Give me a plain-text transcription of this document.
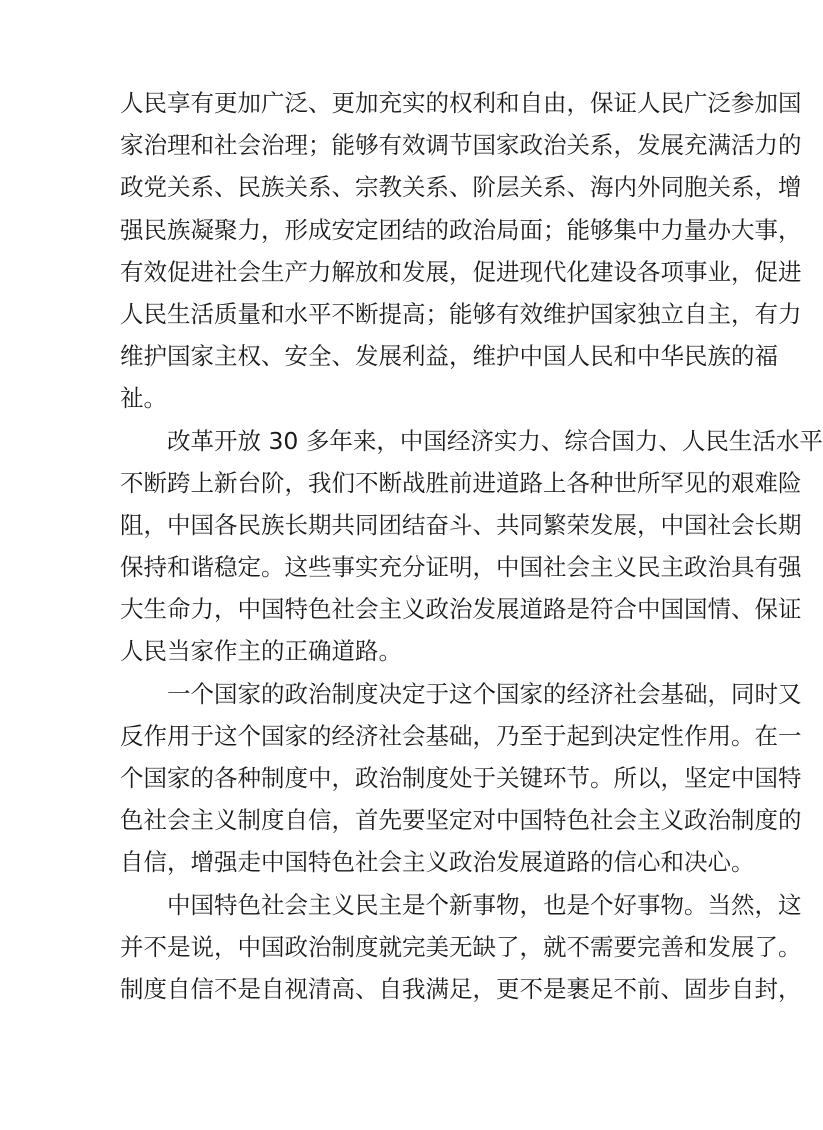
人民享有更加广泛、更加充实的权利和自由，保证人民广泛参加国
家治理和社会治理；能够有效调节国家政治关系，发展充满活力的
政党关系、民族关系、宗教关系、阶层关系、海内外同胞关系，增
强民族凝聚力，形成安定团结的政治局面；能够集中力量办大事，
有效促进社会生产力解放和发展，促进现代化建设各项事业，促进
人民生活质量和水平不断提高；能够有效维护国家独立自主，有力
维护国家主权、安全、发展利益，维护中国人民和中华民族的福
祉。
改革开放 30 多年来，中国经济实力、综合国力、人民生活水平
不断跨上新台阶，我们不断战胜前进道路上各种世所罕见的艰难险
阻，中国各民族长期共同团结奋斗、共同繁荣发展，中国社会长期
保持和谐稳定。这些事实充分证明，中国社会主义民主政治具有强
大生命力，中国特色社会主义政治发展道路是符合中国国情、保证
人民当家作主的正确道路。
一个国家的政治制度决定于这个国家的经济社会基础，同时又
反作用于这个国家的经济社会基础，乃至于起到决定性作用。在一
个国家的各种制度中，政治制度处于关键环节。所以，坚定中国特
色社会主义制度自信，首先要坚定对中国特色社会主义政治制度的
自信，增强走中国特色社会主义政治发展道路的信心和决心。
中国特色社会主义民主是个新事物，也是个好事物。当然，这
并不是说，中国政治制度就完美无缺了，就不需要完善和发展了。
制度自信不是自视清高、自我满足，更不是裹足不前、固步自封，
